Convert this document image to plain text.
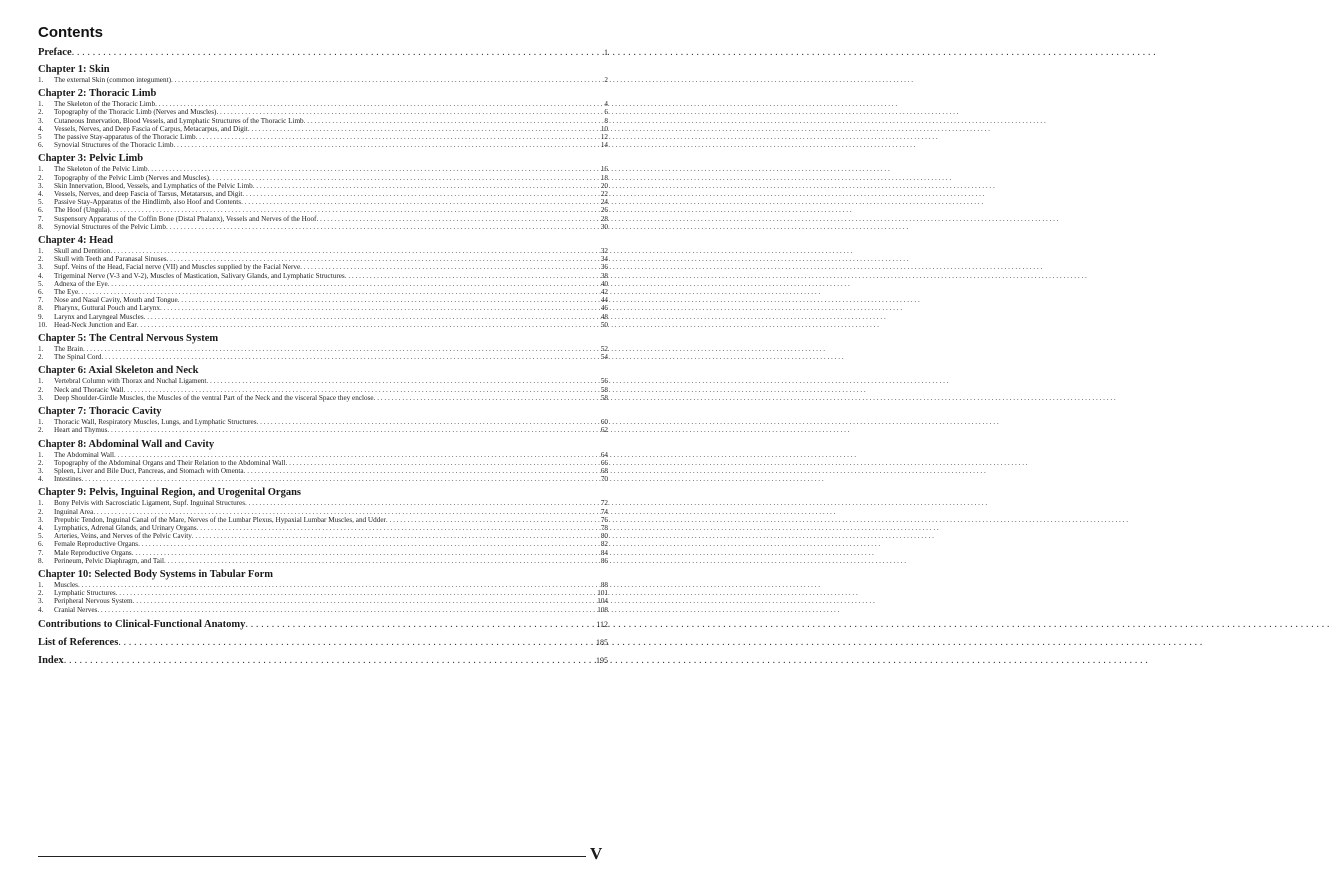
Contents
Preface . . .	1
Chapter 1: Skin
1. The external Skin (common integument) . . .	2
Chapter 2: Thoracic Limb
1. The Skeleton of the Thoracic Limb . . .	4
2. Topography of the Thoracic Limb (Nerves and Muscles) . . .	6
3. Cutaneous Innervation, Blood Vessels, and Lymphatic Structures of the Thoracic Limb . . .	8
4. Vessels, Nerves, and Deep Fascia of Carpus, Metacarpus, and Digit . . .	10
5 The passive Stay-apparatus of the Thoracic Limb . . .	12
6. Synovial Structures of the Thoracic Limb . . .	14
Chapter 3: Pelvic Limb
1. The Skeleton of the Pelvic Limb . . .	16
2. Topography of the Pelvic Limb (Nerves and Muscles) . . .	18
3. Skin Innervation, Blood, Vessels, and Lymphatics of the Pelvic Limb . . .	20
4. Vessels, Nerves, and deep Fascia of Tarsus, Metatarsus, and Digit . . .	22
5. Passive Stay-Apparatus of the Hindlimb, also Hoof and Contents . . .	24
6. The Hoof (Ungula) . . .	26
7. Suspensory Apparatus of the Coffin Bone (Distal Phalanx), Vessels and Nerves of the Hoof . . .	28
8. Synovial Structures of the Pelvic Limb . . .	30
Chapter 4: Head
1. Skull and Dentition . . .	32
2. Skull with Teeth and Paranasal Sinuses . . .	34
3. Supf. Veins of the Head, Facial nerve (VII) and Muscles supplied by the Facial Nerve . . .	36
4. Trigeminal Nerve (V-3 and V-2), Muscles of Mastication, Salivary Glands, and Lymphatic Structures . . .	38
5. Adnexa of the Eye . . .	40
6. The Eye . . .	42
7. Nose and Nasal Cavity, Mouth and Tongue . . .	44
8. Pharynx, Guttural Pouch and Larynx . . .	46
9. Larynx and Laryngeal Muscles . . .	48
10. Head-Neck Junction and Ear . . .	50
Chapter 5: The Central Nervous System
1. The Brain . . .	52
2. The Spinal Cord . . .	54
Chapter 6: Axial Skeleton and Neck
1. Vertebral Column with Thorax and Nuchal Ligament . . .	56
2. Neck and Thoracic Wall . . .	58
3. Deep Shoulder-Girdle Muscles, the Muscles of the ventral Part of the Neck and the visceral Space they enclose . . .	58
Chapter 7: Thoracic Cavity
1. Thoracic Wall, Respiratory Muscles, Lungs, and Lymphatic Structures . . .	60
2. Heart and Thymus . . .	62
Chapter 8: Abdominal Wall and Cavity
1. The Abdominal Wall . . .	64
2. Topography of the Abdominal Organs and Their Relation to the Abdominal Wall . . .	66
3. Spleen, Liver and Bile Duct, Pancreas, and Stomach with Omenta . . .	68
4. Intestines . . .	70
Chapter 9: Pelvis, Inguinal Region, and Urogenital Organs
1. Bony Pelvis with Sacrosciatic Ligament, Supf. Inguinal Structures . . .	72
2. Inguinal Area . . .	74
3. Prepubic Tendon, Inguinal Canal of the Mare, Nerves of the Lumbar Plexus, Hypaxial Lumbar Muscles, and Udder . . .	76
4. Lymphatics, Adrenal Glands, and Urinary Organs . . .	78
5. Arteries, Veins, and Nerves of the Pelvic Cavity . . .	80
6. Female Reproductive Organs . . .	82
7. Male Reproductive Organs . . .	84
8. Perineum, Pelvic Diaphragm, and Tail . . .	86
Chapter 10: Selected Body Systems in Tabular Form
1. Muscles . . .	88
2. Lymphatic Structures . . .	101
3. Peripheral Nervous System . . .	104
4. Cranial Nerves . . .	108
Contributions to Clinical-Functional Anatomy . . .	112
List of References . . .	185
Index . . .	195
V
